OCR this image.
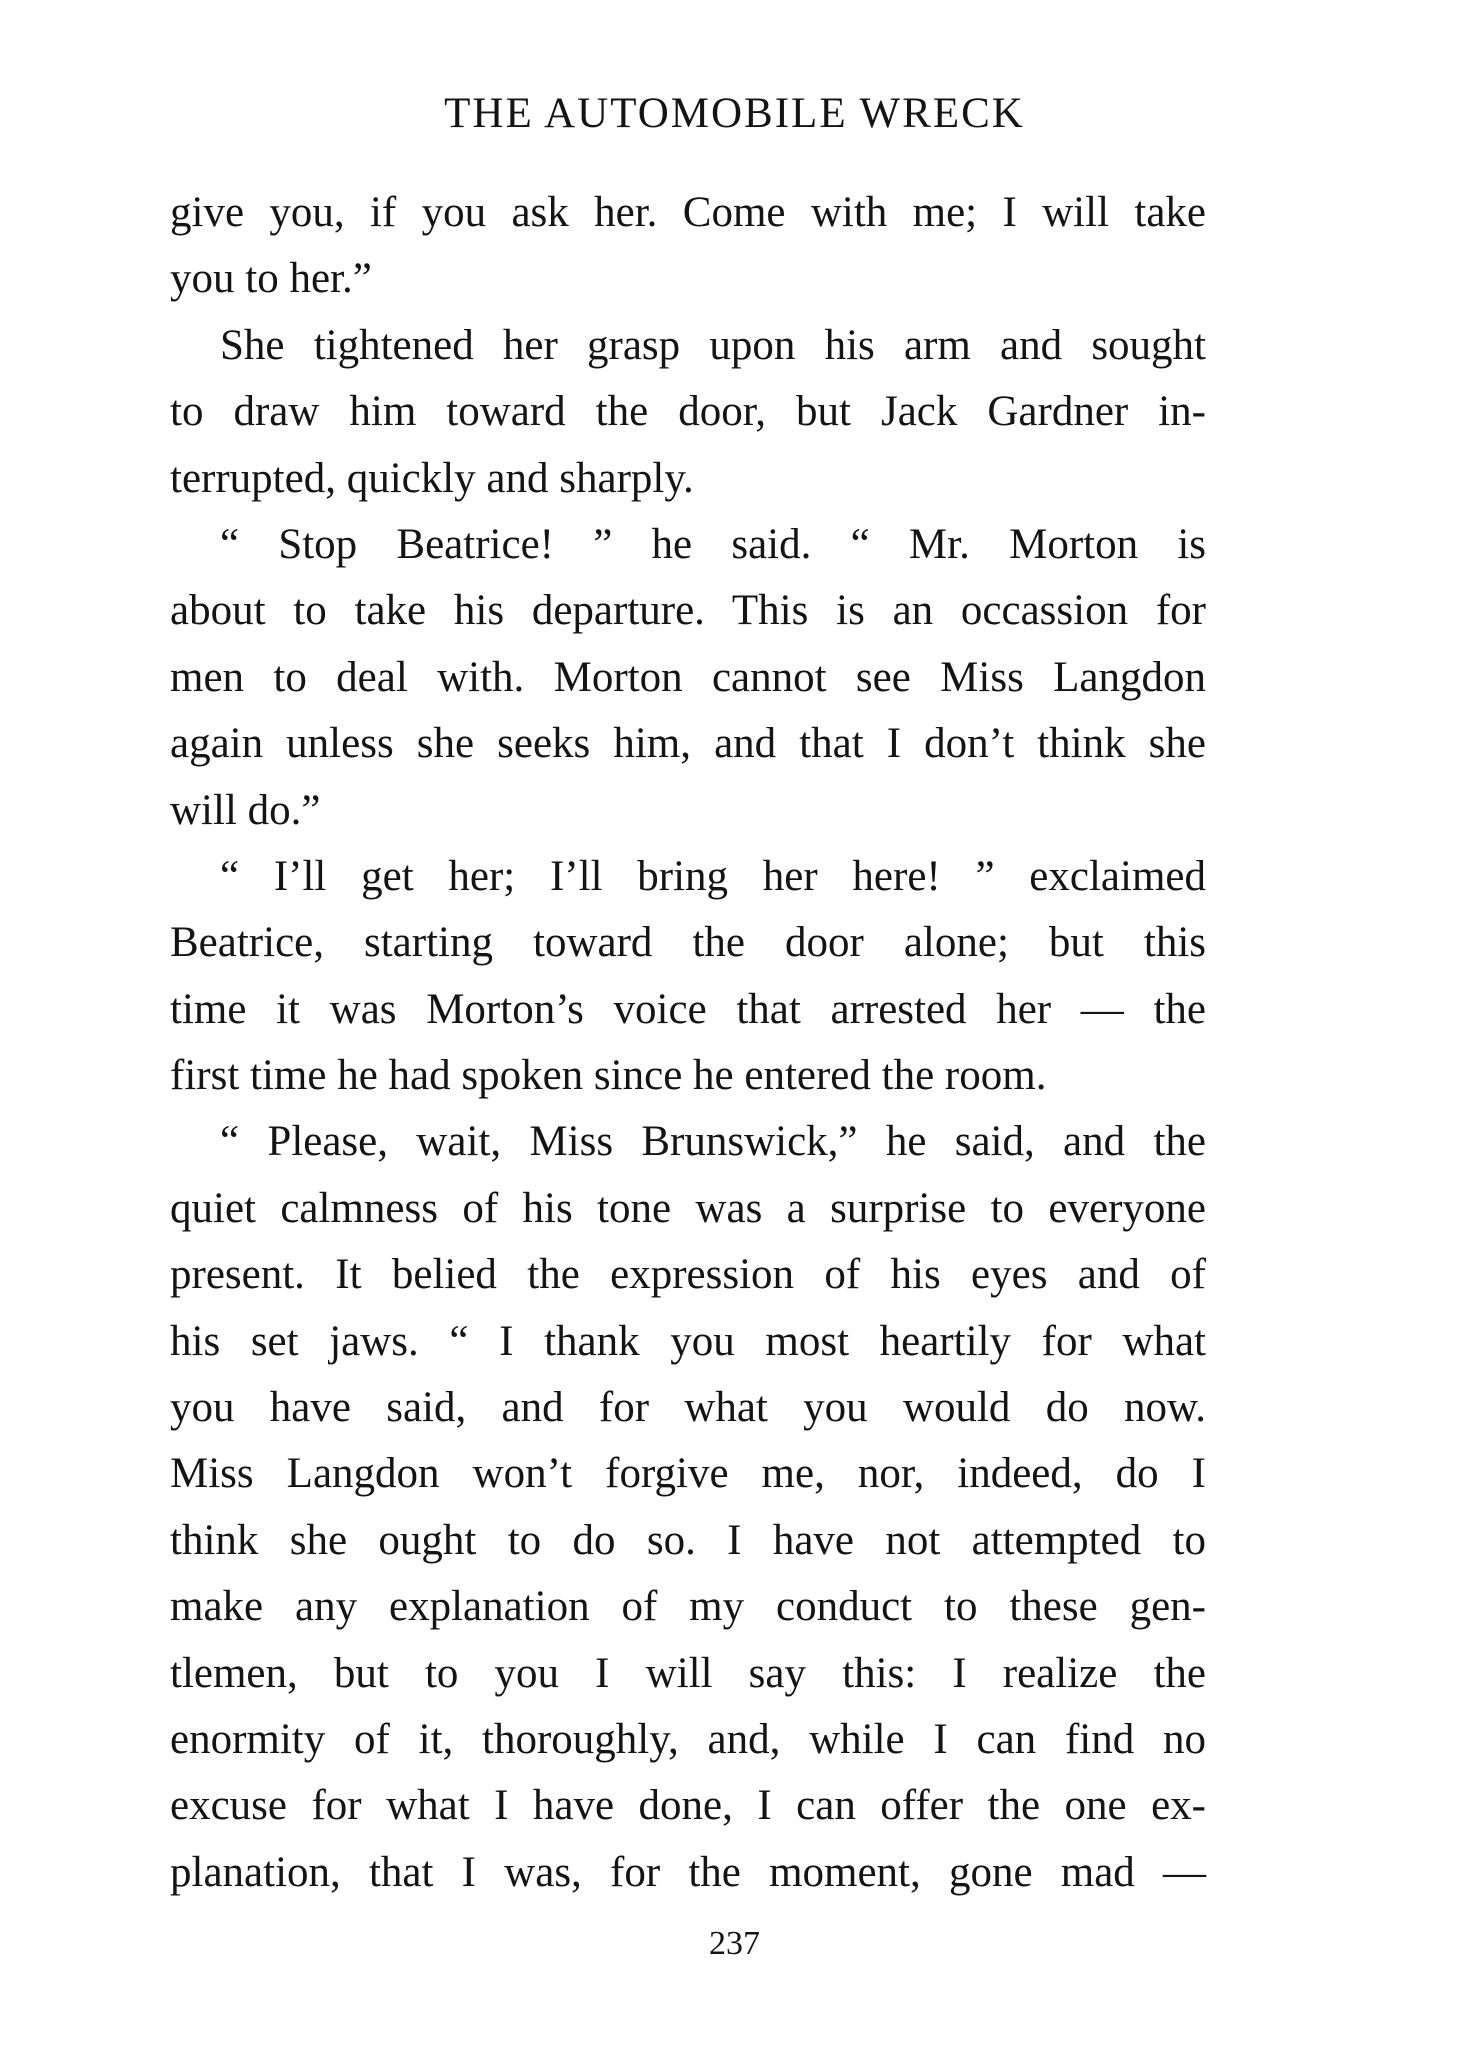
THE AUTOMOBILE WRECK
give you, if you ask her. Come with me; I will take
you to her.”
She tightened her grasp upon his arm and sought
to draw him toward the door, but Jack Gardner in-
terrupted, quickly and sharply.
“ Stop Beatrice! ” he said. “ Mr. Morton is
about to take his departure. This is an occassion for
men to deal with. Morton cannot see Miss Langdon
again unless she seeks him, and that I don’t think she
will do.”
“ I’ll get her; I’ll bring her here! ” exclaimed
Beatrice, starting toward the door alone; but this
time it was Morton’s voice that arrested her — the
first time he had spoken since he entered the room.
“ Please, wait, Miss Brunswick,” he said, and the
quiet calmness of his tone was a surprise to everyone
present. It belied the expression of his eyes and of
his set jaws. “ I thank you most heartily for what
you have said, and for what you would do now.
Miss Langdon won’t forgive me, nor, indeed, do I
think she ought to do so. I have not attempted to
make any explanation of my conduct to these gen-
tlemen, but to you I will say this: I realize the
enormity of it, thoroughly, and, while I can find no
excuse for what I have done, I can offer the one ex-
planation, that I was, for the moment, gone mad —
237
